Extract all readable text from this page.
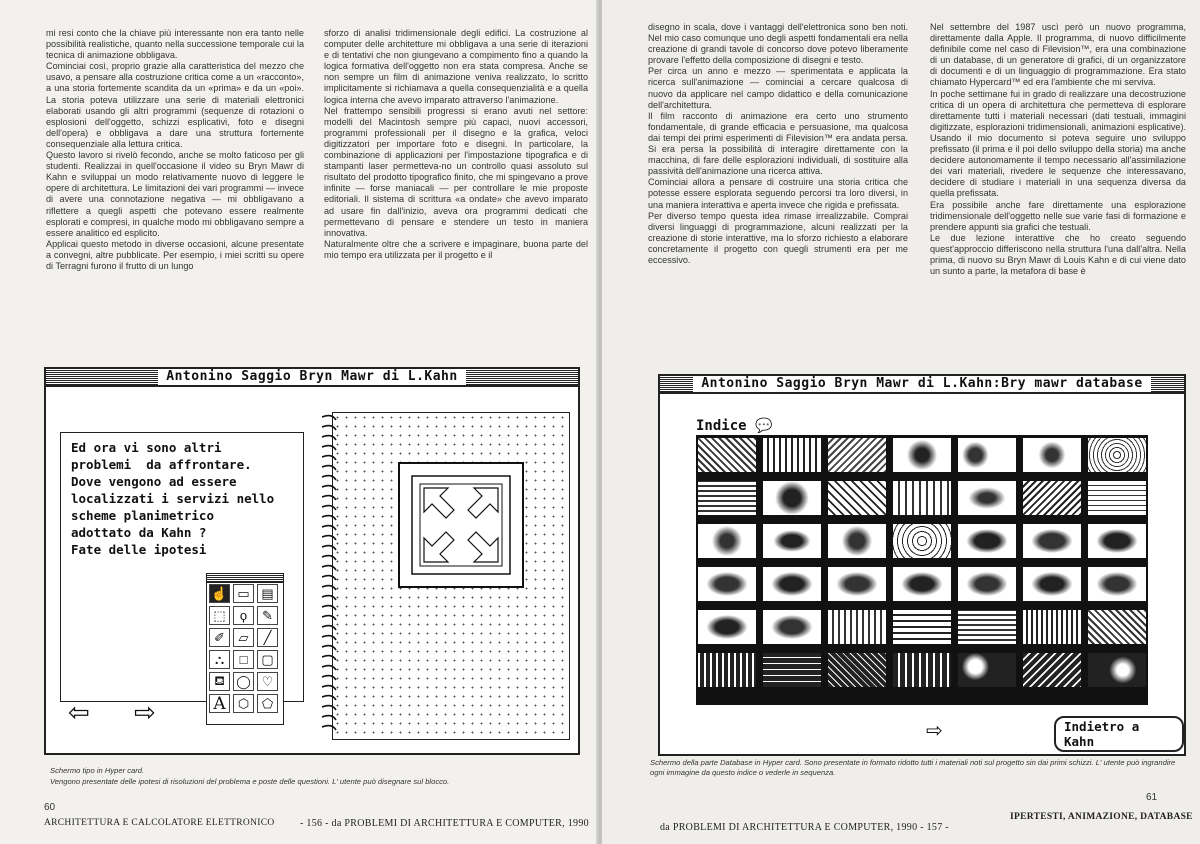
mi resi conto che la chiave più interessante non era tanto nelle possibilità realistiche, quanto nella successione temporale cui la tecnica di animazione obbligava.

Cominciai così, proprio grazie alla caratteristica del mezzo che usavo, a pensare alla costruzione critica come a un «racconto», a una storia fortemente scandita da un «prima» e da un «poi». La storia poteva utilizzare una serie di materiali elettronici elaborati usando gli altri programmi (sequenze di rotazioni o esplosioni dell'oggetto, schizzi esplicativi, foto e disegni dell'opera) e obbligava a dare una struttura fortemente consequenziale alla lettura critica.

Questo lavoro si rivelò fecondo, anche se molto faticoso per gli studenti. Realizzai in quell'occasione il video su Bryn Mawr di Kahn e sviluppai un modo relativamente nuovo di leggere le opere di architettura. Le limitazioni dei vari programmi — invece di avere una connotazione negativa — mi obbligavano a riflettere a quegli aspetti che potevano essere realmente esplorati e compresi, in qualche modo mi obbligavano sempre a essere analitico ed esplicito.

Applicai questo metodo in diverse occasioni, alcune presentate a convegni, altre pubblicate. Per esempio, i miei scritti su opere di Terragni furono il frutto di un lungo

sforzo di analisi tridimensionale degli edifici. La costruzione al computer delle architetture mi obbligava a una serie di iterazioni e di tentativi che non giungevano a compimento fino a quando la logica formativa dell'oggetto non era stata compresa. Anche se non sempre un film di animazione veniva realizzato, lo scritto implicitamente si richiamava a quella consequenzialità e a quella logica interna che avevo imparato attraverso l'animazione.

Nel frattempo sensibili progressi si erano avuti nel settore: modelli del Macintosh sempre più capaci, nuovi accessori, programmi professionali per il disegno e la grafica, veloci digitizzatori per importare foto e disegni. In particolare, la combinazione di applicazioni per l'impostazione tipografica e di stampanti laser permetteva-no un controllo quasi assoluto sul risultato del prodotto tipografico finito, che mi spingevano a prove infinite — forse maniacali — per controllare le mie proposte editoriali. Il sistema di scrittura «a ondate» che avevo imparato ad usare fin dall'inizio, aveva ora programmi dedicati che permettevano di pensare e stendere un testo in maniera innovativa.

Naturalmente oltre che a scrivere e impaginare, buona parte del mio tempo era utilizzata per il progetto e il

Antonino Saggio Bryn Mawr di L.Kahn
Ed ora vi sono altri
problemi  da affrontare.
Dove vengono ad essere
localizzati i servizi nello
scheme planimetrico
adottato da Kahn ?
Fate delle ipotesi
☝ ▭ ▤
⬚	ϙ	✎
✐	▱	╱
⛬	□	▢
⛾ ◯ ♡
A ⬡ ⬠
⇦ ⇨
Schermo tipo in Hyper card.
Vengono presentate delle ipotesi di risoluzioni del problema e poste delle questioni. L' utente può disegnare sul blocco.
60
ARCHITETTURA E CALCOLATORE ELETTRONICO	- 156 - da PROBLEMI DI ARCHITETTURA E COMPUTER, 1990

disegno in scala, dove i vantaggi dell'elettronica sono ben noti. Nel mio caso comunque uno degli aspetti fondamentali era nella creazione di grandi tavole di concorso dove potevo liberamente provare l'effetto della composizione di disegni e testo.

Per circa un anno e mezzo — sperimentata e applicata la ricerca sull'animazione — cominciai a cercare qualcosa di nuovo da applicare nel campo didattico e della comunicazione dell'architettura.

Il film racconto di animazione era certo uno strumento fondamentale, di grande efficacia e persuasione, ma qualcosa dai tempi dei primi esperimenti di Filevision™ era andata persa. Si era persa la possibilità di interagire direttamente con la macchina, di fare delle esplorazioni individuali, di sostituire alla passività dell'animazione una ricerca attiva.

Cominciai allora a pensare di costruire una storia critica che potesse essere esplorata seguendo percorsi tra loro diversi, in una maniera interattiva e aperta invece che rigida e prefissata.

Per diverso tempo questa idea rimase irrealizzabile. Comprai diversi linguaggi di programmazione, alcuni realizzati per la creazione di storie interattive, ma lo sforzo richiesto a elaborare concretamente il progetto con quegli strumenti era per me eccessivo.

Nel settembre del 1987 uscì però un nuovo programma, direttamente dalla Apple. Il programma, di nuovo difficilmente definibile come nel caso di Filevision™, era una combinazione di un database, di un generatore di grafici, di un organizzatore di documenti e di un linguaggio di programmazione. Era stato chiamato Hypercard™ ed era l'ambiente che mi serviva.

In poche settimane fui in grado di realizzare una decostruzione critica di un opera di architettura che permetteva di esplorare direttamente tutti i materiali necessari (dati testuali, immagini digitizzate, esplorazioni tridimensionali, animazioni esplicative). Usando il mio documento si poteva seguire uno sviluppo prefissato (il prima e il poi dello sviluppo della storia) ma anche decidere autonomamente il tempo necessario all'assimilazione dei vari materiali, rivedere le sequenze che interessavano, decidere di studiare i materiali in una sequenza diversa da quella prefissata.

Era possibile anche fare direttamente una esplorazione tridimensionale dell'oggetto nelle sue varie fasi di formazione e prendere appunti sia grafici che testuali.

Le due lezione interattive che ho creato seguendo quest'approccio differiscono nella struttura l'una dall'altra. Nella prima, di nuovo su Bryn Mawr di Louis Kahn e di cui viene dato un sunto a parte, la metafora di base è

Antonino Saggio Bryn Mawr di L.Kahn:Bry mawr database
Indice 💬
⇨	Indietro a Kahn
Schermo della parte Database in Hyper card. Sono presentate in formato ridotto tutti i materiali noti sul progetto sin dai primi schizzi. L' utente può ingrandire ogni immagine da questo indice o vederle in sequenza.
61
da PROBLEMI DI ARCHITETTURA E COMPUTER, 1990 - 157 -
IPERTESTI, ANIMAZIONE, DATABASE
